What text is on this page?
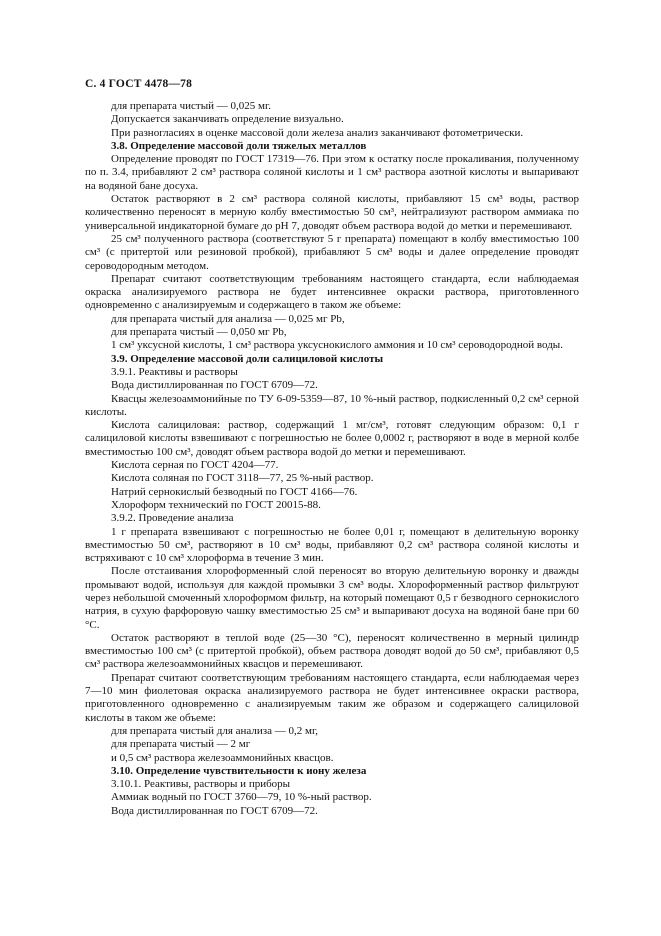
С. 4 ГОСТ 4478—78

для препарата чистый — 0,025 мг.

Допускается заканчивать определение визуально.

При разногласиях в оценке массовой доли железа анализ заканчивают фотометрически.

3.8. Определение массовой доли тяжелых металлов

Определение проводят по ГОСТ 17319—76. При этом к остатку после прокаливания, полученному по п. 3.4, прибавляют 2 см³ раствора соляной кислоты и 1 см³ раствора азотной кислоты и выпаривают на водяной бане досуха.

Остаток растворяют в 2 см³ раствора соляной кислоты, прибавляют 15 см³ воды, раствор количественно переносят в мерную колбу вместимостью 50 см³, нейтрализуют раствором аммиака по универсальной индикаторной бумаге до pH 7, доводят объем раствора водой до метки и перемешивают.

25 см³ полученного раствора (соответствуют 5 г препарата) помещают в колбу вместимостью 100 см³ (с притертой или резиновой пробкой), прибавляют 5 см³ воды и далее определение проводят сероводородным методом.

Препарат считают соответствующим требованиям настоящего стандарта, если наблюдаемая окраска анализируемого раствора не будет интенсивнее окраски раствора, приготовленного одновременно с анализируемым и содержащего в таком же объеме:

для препарата чистый для анализа — 0,025 мг Pb,

для препарата чистый — 0,050 мг Pb,

1 см³ уксусной кислоты, 1 см³ раствора уксуснокислого аммония и 10 см³ сероводородной воды.

3.9. Определение массовой доли салициловой кислоты

3.9.1. Реактивы и растворы

Вода дистиллированная по ГОСТ 6709—72.

Квасцы железоаммонийные по ТУ 6-09-5359—87, 10 %-ный раствор, подкисленный 0,2 см³ серной кислоты.

Кислота салициловая: раствор, содержащий 1 мг/см³, готовят следующим образом: 0,1 г салициловой кислоты взвешивают с погрешностью не более 0,0002 г, растворяют в воде в мерной колбе вместимостью 100 см³, доводят объем раствора водой до метки и перемешивают.

Кислота серная по ГОСТ 4204—77.

Кислота соляная по ГОСТ 3118—77, 25 %-ный раствор.

Натрий сернокислый безводный по ГОСТ 4166—76.

Хлороформ технический по ГОСТ 20015-88.

3.9.2. Проведение анализа

1 г препарата взвешивают с погрешностью не более 0,01 г, помещают в делительную воронку вместимостью 50 см³, растворяют в 10 см³ воды, прибавляют 0,2 см³ раствора соляной кислоты и встряхивают с 10 см³ хлороформа в течение 3 мин.

После отстаивания хлороформенный слой переносят во вторую делительную воронку и дважды промывают водой, используя для каждой промывки 3 см³ воды. Хлороформенный раствор фильтруют через небольшой смоченный хлороформом фильтр, на который помещают 0,5 г безводного сернокислого натрия, в сухую фарфоровую чашку вместимостью 25 см³ и выпаривают досуха на водяной бане при 60 °С.

Остаток растворяют в теплой воде (25—30 °С), переносят количественно в мерный цилиндр вместимостью 100 см³ (с притертой пробкой), объем раствора доводят водой до 50 см³, прибавляют 0,5 см³ раствора железоаммонийных квасцов и перемешивают.

Препарат считают соответствующим требованиям настоящего стандарта, если наблюдаемая через 7—10 мин фиолетовая окраска анализируемого раствора не будет интенсивнее окраски раствора, приготовленного одновременно с анализируемым таким же образом и содержащего салициловой кислоты в таком же объеме:

для препарата чистый для анализа — 0,2 мг,

для препарата чистый — 2 мг

и 0,5 см³ раствора железоаммонийных квасцов.

3.10. Определение чувствительности к иону железа

3.10.1. Реактивы, растворы и приборы

Аммиак водный по ГОСТ 3760—79, 10 %-ный раствор.

Вода дистиллированная по ГОСТ 6709—72.
